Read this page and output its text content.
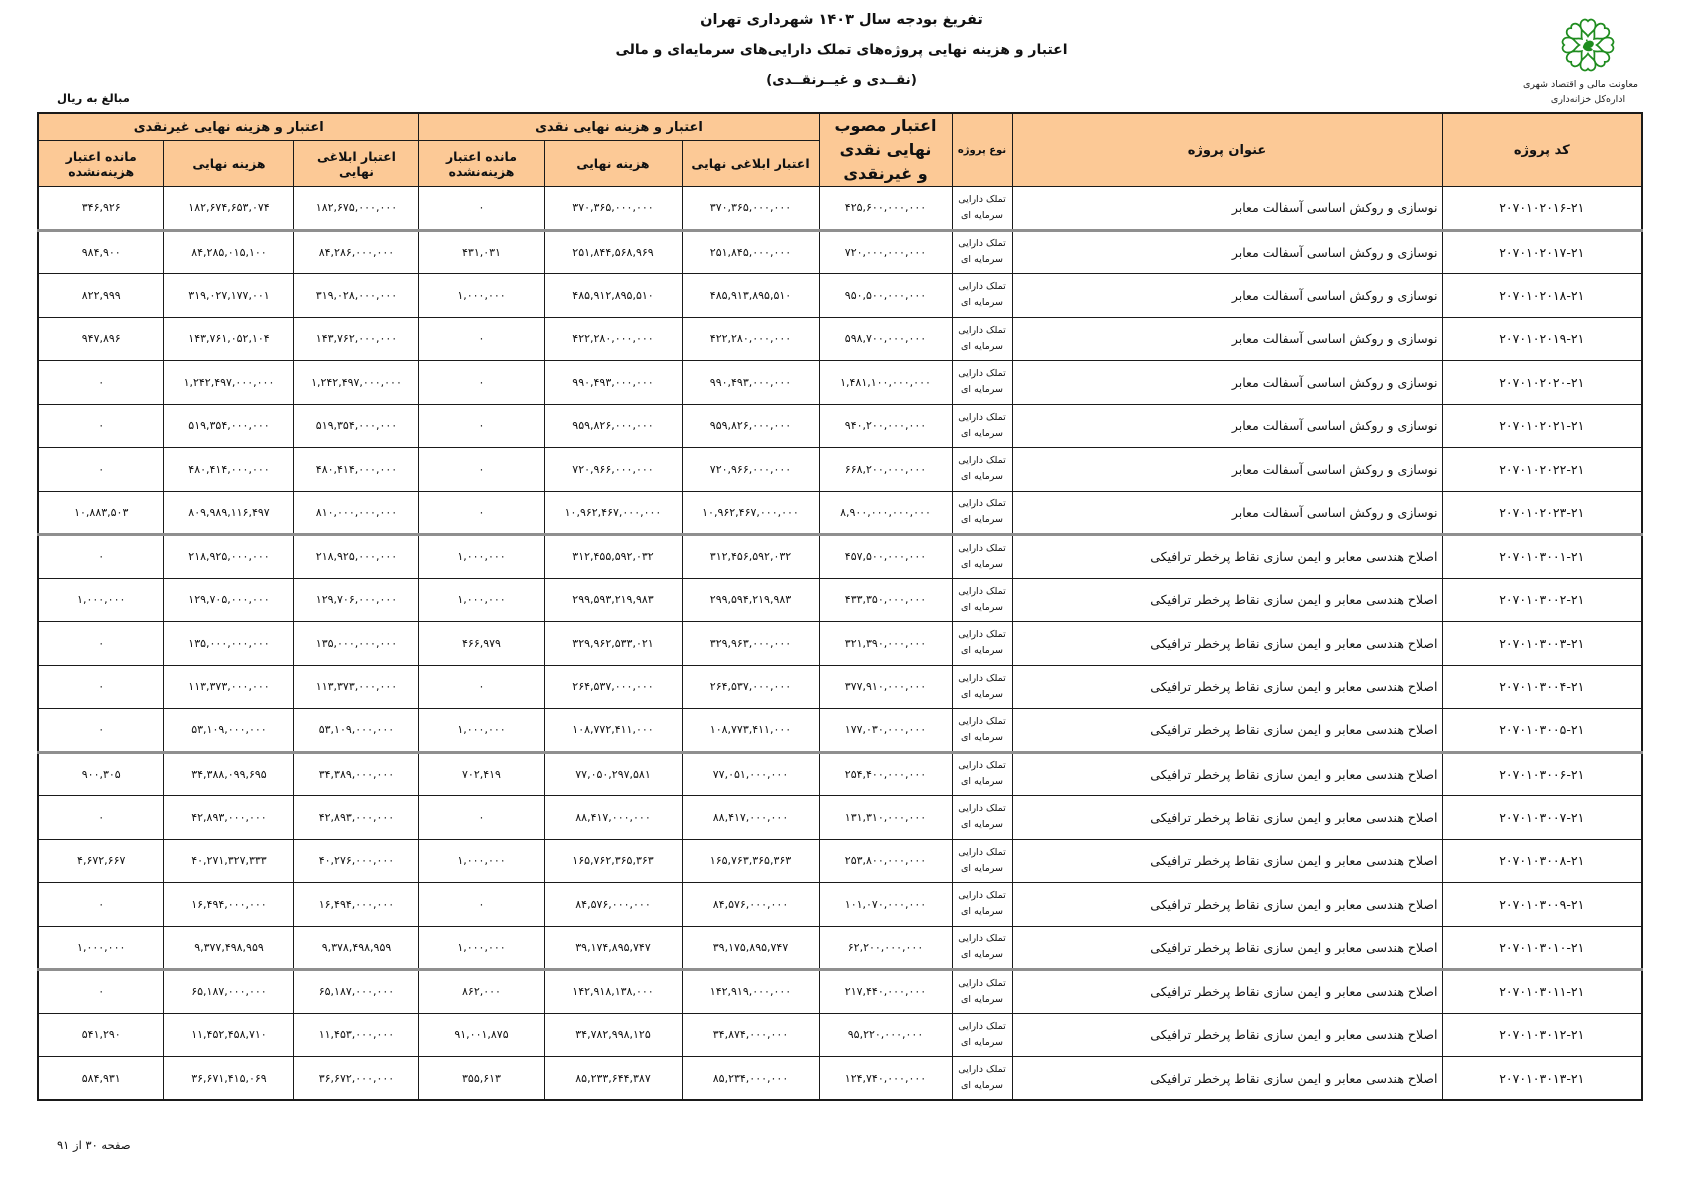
تفریغ بودجه سال ۱۴۰۳ شهرداری تهران
اعتبار و هزینه نهایی پروژه‌های تملک دارایی‌های سرمایه‌ای و مالی
(نقــدی و غیــرنقــدی)	معاونت مالی و اقتصاد شهری
اداره‌کل خزانه‌داری
مبالغ به ریال
کد پروژه	عنوان پروژه	نوع پروژه	اعتبار مصوب نهایی نقدی
و غیرنقدی	اعتبار و هزینه نهایی نقدی			اعتبار و هزینه نهایی غیرنقدی		
				اعتبار ابلاغی نهایی	هزینه نهایی	مانده اعتبار هزینه‌نشده	اعتبار ابلاغی نهایی	هزینه نهایی	مانده اعتبار هزینه‌نشده
۲۰۷۰۱۰۲۰۱۶-۲۱	نوسازی و روکش اساسی آسفالت معابر	تملک دارایی
سرمایه ای	۴۲۵,۶۰۰,۰۰۰,۰۰۰	۳۷۰,۳۶۵,۰۰۰,۰۰۰	۳۷۰,۳۶۵,۰۰۰,۰۰۰	۰	۱۸۲,۶۷۵,۰۰۰,۰۰۰	۱۸۲,۶۷۴,۶۵۳,۰۷۴	۳۴۶,۹۲۶
۲۰۷۰۱۰۲۰۱۷-۲۱	نوسازی و روکش اساسی آسفالت معابر	تملک دارایی
سرمایه ای	۷۲۰,۰۰۰,۰۰۰,۰۰۰	۲۵۱,۸۴۵,۰۰۰,۰۰۰	۲۵۱,۸۴۴,۵۶۸,۹۶۹	۴۳۱,۰۳۱	۸۴,۲۸۶,۰۰۰,۰۰۰	۸۴,۲۸۵,۰۱۵,۱۰۰	۹۸۴,۹۰۰
۲۰۷۰۱۰۲۰۱۸-۲۱	نوسازی و روکش اساسی آسفالت معابر	تملک دارایی
سرمایه ای	۹۵۰,۵۰۰,۰۰۰,۰۰۰	۴۸۵,۹۱۳,۸۹۵,۵۱۰	۴۸۵,۹۱۲,۸۹۵,۵۱۰	۱,۰۰۰,۰۰۰	۳۱۹,۰۲۸,۰۰۰,۰۰۰	۳۱۹,۰۲۷,۱۷۷,۰۰۱	۸۲۲,۹۹۹
۲۰۷۰۱۰۲۰۱۹-۲۱	نوسازی و روکش اساسی آسفالت معابر	تملک دارایی
سرمایه ای	۵۹۸,۷۰۰,۰۰۰,۰۰۰	۴۲۲,۲۸۰,۰۰۰,۰۰۰	۴۲۲,۲۸۰,۰۰۰,۰۰۰	۰	۱۴۳,۷۶۲,۰۰۰,۰۰۰	۱۴۳,۷۶۱,۰۵۲,۱۰۴	۹۴۷,۸۹۶
۲۰۷۰۱۰۲۰۲۰-۲۱	نوسازی و روکش اساسی آسفالت معابر	تملک دارایی
سرمایه ای	۱,۴۸۱,۱۰۰,۰۰۰,۰۰۰	۹۹۰,۴۹۳,۰۰۰,۰۰۰	۹۹۰,۴۹۳,۰۰۰,۰۰۰	۰	۱,۲۴۲,۴۹۷,۰۰۰,۰۰۰	۱,۲۴۲,۴۹۷,۰۰۰,۰۰۰	۰
۲۰۷۰۱۰۲۰۲۱-۲۱	نوسازی و روکش اساسی آسفالت معابر	تملک دارایی
سرمایه ای	۹۴۰,۲۰۰,۰۰۰,۰۰۰	۹۵۹,۸۲۶,۰۰۰,۰۰۰	۹۵۹,۸۲۶,۰۰۰,۰۰۰	۰	۵۱۹,۳۵۴,۰۰۰,۰۰۰	۵۱۹,۳۵۴,۰۰۰,۰۰۰	۰
۲۰۷۰۱۰۲۰۲۲-۲۱	نوسازی و روکش اساسی آسفالت معابر	تملک دارایی
سرمایه ای	۶۶۸,۲۰۰,۰۰۰,۰۰۰	۷۲۰,۹۶۶,۰۰۰,۰۰۰	۷۲۰,۹۶۶,۰۰۰,۰۰۰	۰	۴۸۰,۴۱۴,۰۰۰,۰۰۰	۴۸۰,۴۱۴,۰۰۰,۰۰۰	۰
۲۰۷۰۱۰۲۰۲۳-۲۱	نوسازی و روکش اساسی آسفالت معابر	تملک دارایی
سرمایه ای	۸,۹۰۰,۰۰۰,۰۰۰,۰۰۰	۱۰,۹۶۲,۴۶۷,۰۰۰,۰۰۰	۱۰,۹۶۲,۴۶۷,۰۰۰,۰۰۰	۰	۸۱۰,۰۰۰,۰۰۰,۰۰۰	۸۰۹,۹۸۹,۱۱۶,۴۹۷	۱۰,۸۸۳,۵۰۳
۲۰۷۰۱۰۳۰۰۱-۲۱	اصلاح هندسی معابر و ایمن سازی نقاط پرخطر ترافیکی	تملک دارایی
سرمایه ای	۴۵۷,۵۰۰,۰۰۰,۰۰۰	۳۱۲,۴۵۶,۵۹۲,۰۳۲	۳۱۲,۴۵۵,۵۹۲,۰۳۲	۱,۰۰۰,۰۰۰	۲۱۸,۹۲۵,۰۰۰,۰۰۰	۲۱۸,۹۲۵,۰۰۰,۰۰۰	۰
۲۰۷۰۱۰۳۰۰۲-۲۱	اصلاح هندسی معابر و ایمن سازی نقاط پرخطر ترافیکی	تملک دارایی
سرمایه ای	۴۳۳,۳۵۰,۰۰۰,۰۰۰	۲۹۹,۵۹۴,۲۱۹,۹۸۳	۲۹۹,۵۹۳,۲۱۹,۹۸۳	۱,۰۰۰,۰۰۰	۱۲۹,۷۰۶,۰۰۰,۰۰۰	۱۲۹,۷۰۵,۰۰۰,۰۰۰	۱,۰۰۰,۰۰۰
۲۰۷۰۱۰۳۰۰۳-۲۱	اصلاح هندسی معابر و ایمن سازی نقاط پرخطر ترافیکی	تملک دارایی
سرمایه ای	۳۲۱,۳۹۰,۰۰۰,۰۰۰	۳۲۹,۹۶۳,۰۰۰,۰۰۰	۳۲۹,۹۶۲,۵۳۳,۰۲۱	۴۶۶,۹۷۹	۱۳۵,۰۰۰,۰۰۰,۰۰۰	۱۳۵,۰۰۰,۰۰۰,۰۰۰	۰
۲۰۷۰۱۰۳۰۰۴-۲۱	اصلاح هندسی معابر و ایمن سازی نقاط پرخطر ترافیکی	تملک دارایی
سرمایه ای	۳۷۷,۹۱۰,۰۰۰,۰۰۰	۲۶۴,۵۳۷,۰۰۰,۰۰۰	۲۶۴,۵۳۷,۰۰۰,۰۰۰	۰	۱۱۳,۳۷۳,۰۰۰,۰۰۰	۱۱۳,۳۷۳,۰۰۰,۰۰۰	۰
۲۰۷۰۱۰۳۰۰۵-۲۱	اصلاح هندسی معابر و ایمن سازی نقاط پرخطر ترافیکی	تملک دارایی
سرمایه ای	۱۷۷,۰۳۰,۰۰۰,۰۰۰	۱۰۸,۷۷۳,۴۱۱,۰۰۰	۱۰۸,۷۷۲,۴۱۱,۰۰۰	۱,۰۰۰,۰۰۰	۵۳,۱۰۹,۰۰۰,۰۰۰	۵۳,۱۰۹,۰۰۰,۰۰۰	۰
۲۰۷۰۱۰۳۰۰۶-۲۱	اصلاح هندسی معابر و ایمن سازی نقاط پرخطر ترافیکی	تملک دارایی
سرمایه ای	۲۵۴,۴۰۰,۰۰۰,۰۰۰	۷۷,۰۵۱,۰۰۰,۰۰۰	۷۷,۰۵۰,۲۹۷,۵۸۱	۷۰۲,۴۱۹	۳۴,۳۸۹,۰۰۰,۰۰۰	۳۴,۳۸۸,۰۹۹,۶۹۵	۹۰۰,۳۰۵
۲۰۷۰۱۰۳۰۰۷-۲۱	اصلاح هندسی معابر و ایمن سازی نقاط پرخطر ترافیکی	تملک دارایی
سرمایه ای	۱۳۱,۳۱۰,۰۰۰,۰۰۰	۸۸,۴۱۷,۰۰۰,۰۰۰	۸۸,۴۱۷,۰۰۰,۰۰۰	۰	۴۲,۸۹۳,۰۰۰,۰۰۰	۴۲,۸۹۳,۰۰۰,۰۰۰	۰
۲۰۷۰۱۰۳۰۰۸-۲۱	اصلاح هندسی معابر و ایمن سازی نقاط پرخطر ترافیکی	تملک دارایی
سرمایه ای	۲۵۳,۸۰۰,۰۰۰,۰۰۰	۱۶۵,۷۶۳,۳۶۵,۳۶۳	۱۶۵,۷۶۲,۳۶۵,۳۶۳	۱,۰۰۰,۰۰۰	۴۰,۲۷۶,۰۰۰,۰۰۰	۴۰,۲۷۱,۳۲۷,۳۳۳	۴,۶۷۲,۶۶۷
۲۰۷۰۱۰۳۰۰۹-۲۱	اصلاح هندسی معابر و ایمن سازی نقاط پرخطر ترافیکی	تملک دارایی
سرمایه ای	۱۰۱,۰۷۰,۰۰۰,۰۰۰	۸۴,۵۷۶,۰۰۰,۰۰۰	۸۴,۵۷۶,۰۰۰,۰۰۰	۰	۱۶,۴۹۴,۰۰۰,۰۰۰	۱۶,۴۹۴,۰۰۰,۰۰۰	۰
۲۰۷۰۱۰۳۰۱۰-۲۱	اصلاح هندسی معابر و ایمن سازی نقاط پرخطر ترافیکی	تملک دارایی
سرمایه ای	۶۲,۲۰۰,۰۰۰,۰۰۰	۳۹,۱۷۵,۸۹۵,۷۴۷	۳۹,۱۷۴,۸۹۵,۷۴۷	۱,۰۰۰,۰۰۰	۹,۳۷۸,۴۹۸,۹۵۹	۹,۳۷۷,۴۹۸,۹۵۹	۱,۰۰۰,۰۰۰
۲۰۷۰۱۰۳۰۱۱-۲۱	اصلاح هندسی معابر و ایمن سازی نقاط پرخطر ترافیکی	تملک دارایی
سرمایه ای	۲۱۷,۴۴۰,۰۰۰,۰۰۰	۱۴۲,۹۱۹,۰۰۰,۰۰۰	۱۴۲,۹۱۸,۱۳۸,۰۰۰	۸۶۲,۰۰۰	۶۵,۱۸۷,۰۰۰,۰۰۰	۶۵,۱۸۷,۰۰۰,۰۰۰	۰
۲۰۷۰۱۰۳۰۱۲-۲۱	اصلاح هندسی معابر و ایمن سازی نقاط پرخطر ترافیکی	تملک دارایی
سرمایه ای	۹۵,۲۲۰,۰۰۰,۰۰۰	۳۴,۸۷۴,۰۰۰,۰۰۰	۳۴,۷۸۲,۹۹۸,۱۲۵	۹۱,۰۰۱,۸۷۵	۱۱,۴۵۳,۰۰۰,۰۰۰	۱۱,۴۵۲,۴۵۸,۷۱۰	۵۴۱,۲۹۰
۲۰۷۰۱۰۳۰۱۳-۲۱	اصلاح هندسی معابر و ایمن سازی نقاط پرخطر ترافیکی	تملک دارایی
سرمایه ای	۱۲۴,۷۴۰,۰۰۰,۰۰۰	۸۵,۲۳۴,۰۰۰,۰۰۰	۸۵,۲۳۳,۶۴۴,۳۸۷	۳۵۵,۶۱۳	۳۶,۶۷۲,۰۰۰,۰۰۰	۳۶,۶۷۱,۴۱۵,۰۶۹	۵۸۴,۹۳۱
صفحه ۳۰ از ۹۱
